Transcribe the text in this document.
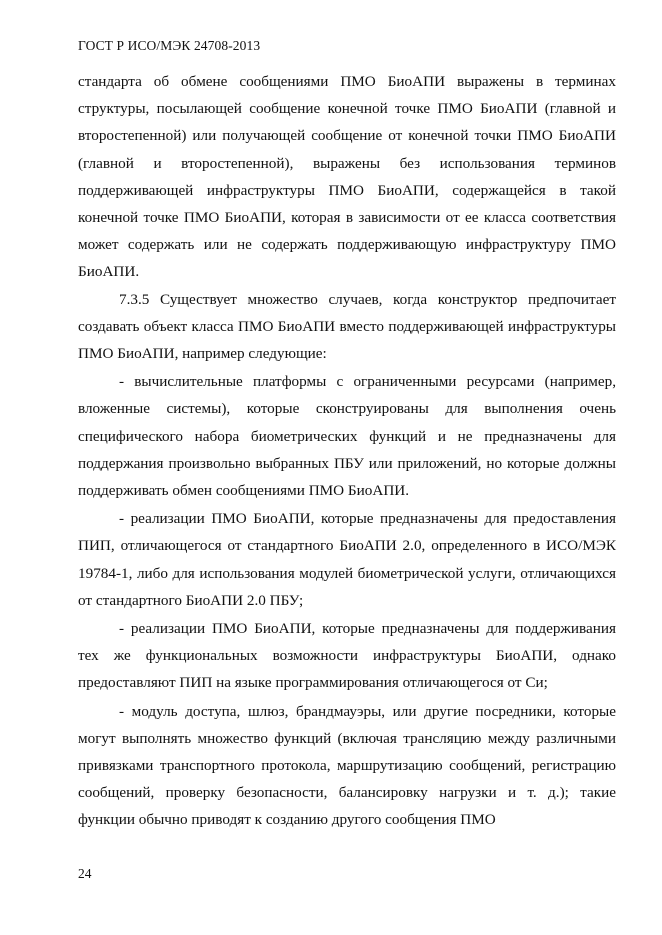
ГОСТ Р ИСО/МЭК 24708-2013

стандарта об обмене сообщениями ПМО БиоАПИ выражены в терминах структуры, посылающей сообщение конечной точке ПМО БиоАПИ (главной и второстепенной) или получающей сообщение от конечной точки ПМО БиоАПИ (главной и второстепенной), выражены без использования терминов поддерживающей инфраструктуры ПМО БиоАПИ, содержащейся в такой конечной точке ПМО БиоАПИ, которая в зависимости от ее класса соответствия может содержать или не содержать поддерживающую инфраструктуру ПМО БиоАПИ.

7.3.5 Существует множество случаев, когда конструктор предпочитает создавать объект класса ПМО БиоАПИ вместо поддерживающей инфраструктуры ПМО БиоАПИ, например следующие:

- вычислительные платформы с ограниченными ресурсами (например, вложенные системы), которые сконструированы для выполнения очень специфического набора биометрических функций и не предназначены для поддержания произвольно выбранных ПБУ или приложений, но которые должны поддерживать обмен сообщениями ПМО БиоАПИ.

- реализации ПМО БиоАПИ, которые предназначены для предоставления ПИП, отличающегося от стандартного БиоАПИ 2.0, определенного в ИСО/МЭК 19784-1, либо для использования модулей биометрической услуги, отличающихся от стандартного БиоАПИ 2.0 ПБУ;

- реализации ПМО БиоАПИ, которые предназначены для поддерживания тех же функциональных возможности инфраструктуры БиоАПИ, однако предоставляют ПИП на языке программирования отличающегося от Си;

- модуль доступа, шлюз, брандмауэры, или другие посредники, которые могут выполнять множество функций (включая трансляцию между различными привязками транспортного протокола, маршрутизацию сообщений, регистрацию сообщений, проверку безопасности, балансировку нагрузки и т. д.); такие функции обычно приводят к созданию другого сообщения ПМО

24
